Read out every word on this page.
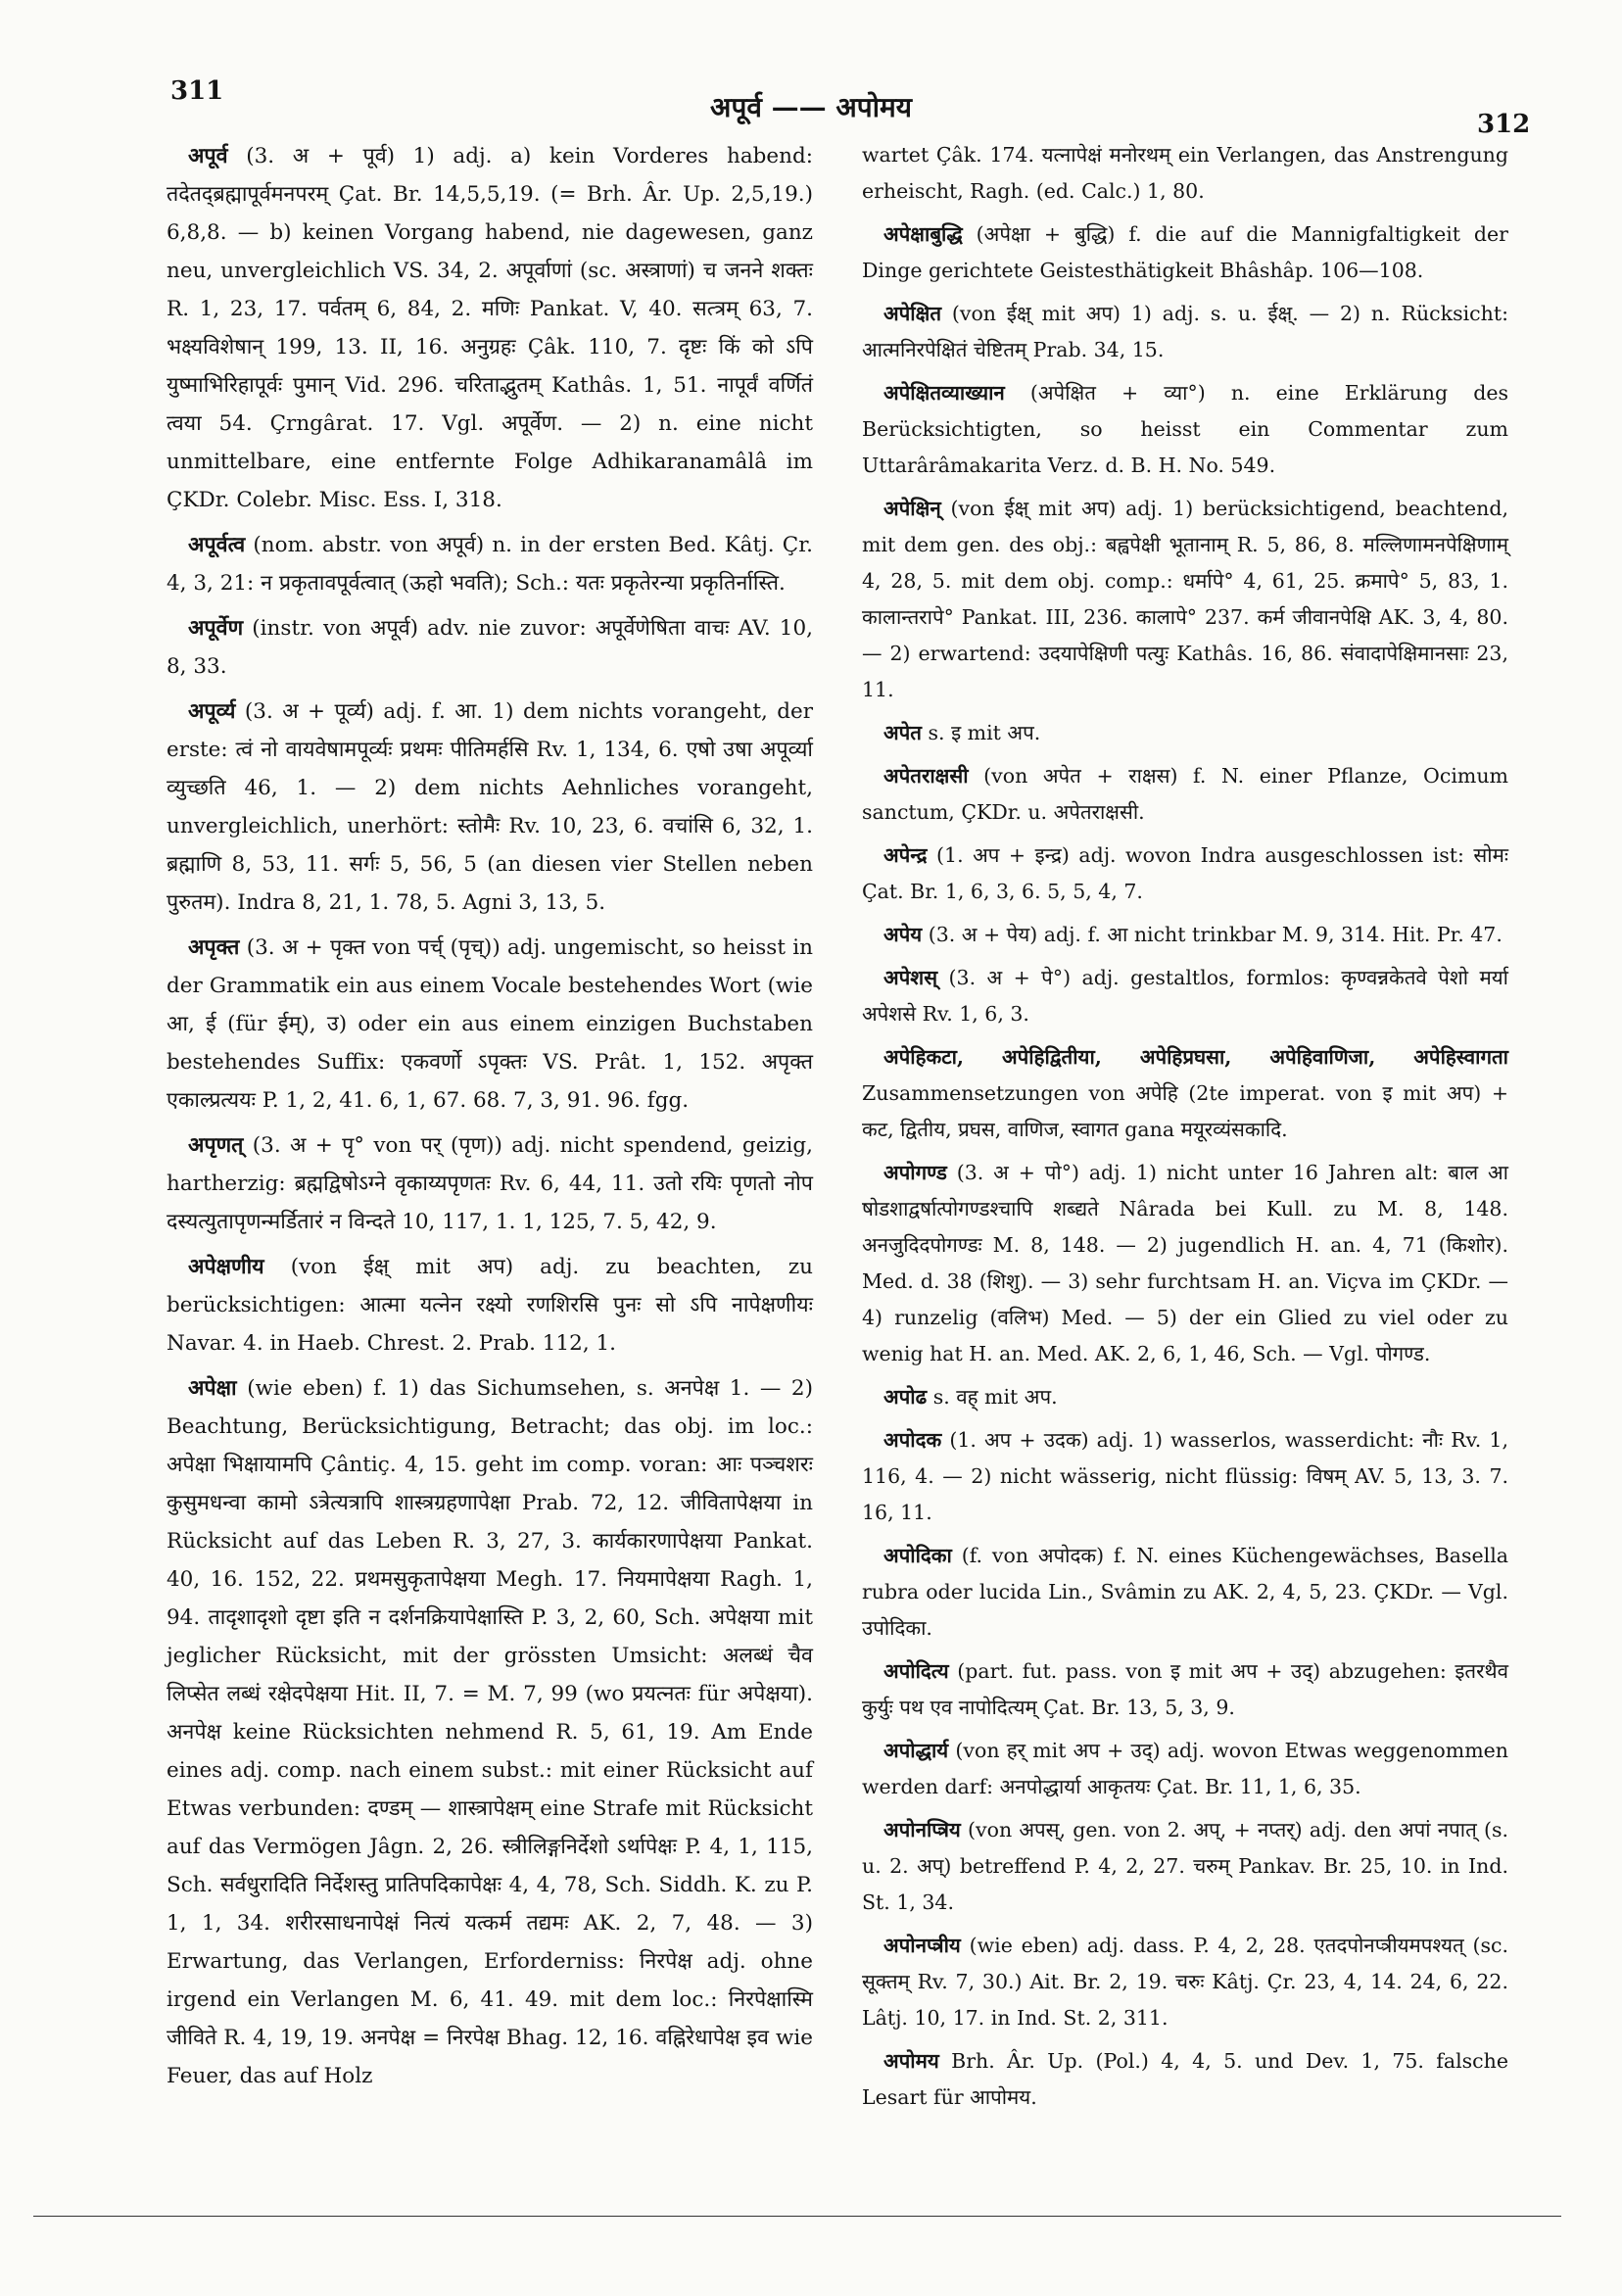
311	अपूर्व —— अपोमय
312

अपूर्व (3. अ + पूर्व) 1) adj. a) kein Vorderes habend: तदेतद्ब्रह्मापूर्वमनपरम् Çat. Br. 14,5,5,19. (= Brh. Âr. Up. 2,5,19.) 6,8,8. — b) keinen Vorgang habend, nie dagewesen, ganz neu, unvergleichlich VS. 34, 2. अपूर्वाणां (sc. अस्त्राणां) च जनने शक्तः R. 1, 23, 17. पर्वतम् 6, 84, 2. मणिः Pankat. V, 40. सत्त्रम् 63, 7. भक्ष्यविशेषान् 199, 13. II, 16. अनुग्रहः Çâk. 110, 7. दृष्टः किं को ऽपि युष्माभिरिहापूर्वः पुमान् Vid. 296. चरिताद्भुतम् Kathâs. 1, 51. नापूर्वं वर्णितं त्वया 54. Çrngârat. 17. Vgl. अपूर्वेण. — 2) n. eine nicht unmittelbare, eine entfernte Folge Adhikaranamâlâ im ÇKDr. Colebr. Misc. Ess. I, 318.

अपूर्वत्व (nom. abstr. von अपूर्व) n. in der ersten Bed. Kâtj. Çr. 4, 3, 21: न प्रकृतावपूर्वत्वात् (ऊहो भवति); Sch.: यतः प्रकृतेरन्या प्रकृतिर्नास्ति.

अपूर्वेण (instr. von अपूर्व) adv. nie zuvor: अपूर्वेणेषिता वाचः AV. 10, 8, 33.

अपूर्व्य (3. अ + पूर्व्य) adj. f. आ. 1) dem nichts vorangeht, der erste: त्वं नो वायवेषामपूर्व्यः प्रथमः पीतिमर्हसि Rv. 1, 134, 6. एषो उषा अपूर्व्या व्युच्छति 46, 1. — 2) dem nichts Aehnliches vorangeht, unvergleichlich, unerhört: स्तोमैः Rv. 10, 23, 6. वचांसि 6, 32, 1. ब्रह्माणि 8, 53, 11. सर्गः 5, 56, 5 (an diesen vier Stellen neben पुरुतम). Indra 8, 21, 1. 78, 5. Agni 3, 13, 5.

अपृक्त (3. अ + पृक्त von पर्च् (पृच्)) adj. ungemischt, so heisst in der Grammatik ein aus einem Vocale bestehendes Wort (wie आ, ई (für ईम्), उ) oder ein aus einem einzigen Buchstaben bestehendes Suffix: एकवर्णो ऽपृक्तः VS. Prât. 1, 152. अपृक्त एकाल्प्रत्ययः P. 1, 2, 41. 6, 1, 67. 68. 7, 3, 91. 96. fgg.

अपृणत् (3. अ + पृ° von पर् (पृण)) adj. nicht spendend, geizig, hartherzig: ब्रह्मद्विषोऽग्ने वृकाय्यपृणतः Rv. 6, 44, 11. उतो रयिः पृणतो नोप दस्यत्युतापृणन्मर्डितारं न विन्दते 10, 117, 1. 1, 125, 7. 5, 42, 9.

अपेक्षणीय (von ईक्ष् mit अप) adj. zu beachten, zu berücksichtigen: आत्मा यत्नेन रक्ष्यो रणशिरसि पुनः सो ऽपि नापेक्षणीयः Navar. 4. in Haeb. Chrest. 2. Prab. 112, 1.

अपेक्षा (wie eben) f. 1) das Sichumsehen, s. अनपेक्ष 1. — 2) Beachtung, Berücksichtigung, Betracht; das obj. im loc.: अपेक्षा भिक्षायामपि Çântiç. 4, 15. geht im comp. voran: आः पञ्चशरः कुसुमधन्वा कामो ऽत्रेत्यत्रापि शास्त्रग्रहणापेक्षा Prab. 72, 12. जीवितापेक्षया in Rücksicht auf das Leben R. 3, 27, 3. कार्यकारणापेक्षया Pankat. 40, 16. 152, 22. प्रथमसुकृतापेक्षया Megh. 17. नियमापेक्षया Ragh. 1, 94. तादृशादृशो दृष्टा इति न दर्शनक्रियापेक्षास्ति P. 3, 2, 60, Sch. अपेक्षया mit jeglicher Rücksicht, mit der grössten Umsicht: अलब्धं चैव लिप्सेत लब्धं रक्षेदपेक्षया Hit. II, 7. = M. 7, 99 (wo प्रयत्नतः für अपेक्षया). अनपेक्ष keine Rücksichten nehmend R. 5, 61, 19. Am Ende eines adj. comp. nach einem subst.: mit einer Rücksicht auf Etwas verbunden: दण्डम् — शास्त्रापेक्षम् eine Strafe mit Rücksicht auf das Vermögen Jâgn. 2, 26. स्त्रीलिङ्गनिर्देशो ऽर्थापेक्षः P. 4, 1, 115, Sch. सर्वधुरादिति निर्देशस्तु प्रातिपदिकापेक्षः 4, 4, 78, Sch. Siddh. K. zu P. 1, 1, 34. शरीरसाधनापेक्षं नित्यं यत्कर्म तद्यमः AK. 2, 7, 48. — 3) Erwartung, das Verlangen, Erforderniss: निरपेक्ष adj. ohne irgend ein Verlangen M. 6, 41. 49. mit dem loc.: निरपेक्षास्मि जीविते R. 4, 19, 19. अनपेक्ष = निरपेक्ष Bhag. 12, 16. वह्निरेधापेक्ष इव wie Feuer, das auf Holz

wartet Çâk. 174. यत्नापेक्षं मनोरथम् ein Verlangen, das Anstrengung erheischt, Ragh. (ed. Calc.) 1, 80.

अपेक्षाबुद्धि (अपेक्षा + बुद्धि) f. die auf die Mannigfaltigkeit der Dinge gerichtete Geistesthätigkeit Bhâshâp. 106—108.

अपेक्षित (von ईक्ष् mit अप) 1) adj. s. u. ईक्ष्. — 2) n. Rücksicht: आत्मनिरपेक्षितं चेष्टितम् Prab. 34, 15.

अपेक्षितव्याख्यान (अपेक्षित + व्या°) n. eine Erklärung des Berücksichtigten, so heisst ein Commentar zum Uttarârâmakarita Verz. d. B. H. No. 549.

अपेक्षिन् (von ईक्ष् mit अप) adj. 1) berücksichtigend, beachtend, mit dem gen. des obj.: बह्वपेक्षी भूतानाम् R. 5, 86, 8. मल्लिणामनपेक्षिणाम् 4, 28, 5. mit dem obj. comp.: धर्मापे° 4, 61, 25. क्रमापे° 5, 83, 1. कालान्तरापे° Pankat. III, 236. कालापे° 237. कर्म जीवानपेक्षि AK. 3, 4, 80. — 2) erwartend: उदयापेक्षिणी पत्युः Kathâs. 16, 86. संवादापेक्षिमानसाः 23, 11.

अपेत s. इ mit अप.

अपेतराक्षसी (von अपेत + राक्षस) f. N. einer Pflanze, Ocimum sanctum, ÇKDr. u. अपेतराक्षसी.

अपेन्द्र (1. अप + इन्द्र) adj. wovon Indra ausgeschlossen ist: सोमः Çat. Br. 1, 6, 3, 6. 5, 5, 4, 7.

अपेय (3. अ + पेय) adj. f. आ nicht trinkbar M. 9, 314. Hit. Pr. 47.

अपेशस् (3. अ + पे°) adj. gestaltlos, formlos: कृण्वन्नकेतवे पेशो मर्या अपेशसे Rv. 1, 6, 3.

अपेहिकटा, अपेहिद्वितीया, अपेहिप्रघसा, अपेहिवाणिजा, अपेहिस्वागता Zusammensetzungen von अपेहि (2te imperat. von इ mit अप) + कट, द्वितीय, प्रघस, वाणिज, स्वागत gana मयूरव्यंसकादि.

अपोगण्ड (3. अ + पो°) adj. 1) nicht unter 16 Jahren alt: बाल आ षोडशाद्वर्षात्पोगण्डश्चापि शब्द्यते Nârada bei Kull. zu M. 8, 148. अनजुदिदपोगण्डः M. 8, 148. — 2) jugendlich H. an. 4, 71 (किशोर). Med. d. 38 (शिशु). — 3) sehr furchtsam H. an. Viçva im ÇKDr. — 4) runzelig (वलिभ) Med. — 5) der ein Glied zu viel oder zu wenig hat H. an. Med. AK. 2, 6, 1, 46, Sch. — Vgl. पोगण्ड.

अपोढ s. वह् mit अप.

अपोदक (1. अप + उदक) adj. 1) wasserlos, wasserdicht: नौः Rv. 1, 116, 4. — 2) nicht wässerig, nicht flüssig: विषम् AV. 5, 13, 3. 7. 16, 11.

अपोदिका (f. von अपोदक) f. N. eines Küchengewächses, Basella rubra oder lucida Lin., Svâmin zu AK. 2, 4, 5, 23. ÇKDr. — Vgl. उपोदिका.

अपोदित्य (part. fut. pass. von इ mit अप + उद्) abzugehen: इतरथैव कुर्युः पथ एव नापोदित्यम् Çat. Br. 13, 5, 3, 9.

अपोद्धार्य (von हर् mit अप + उद्) adj. wovon Etwas weggenommen werden darf: अनपोद्धार्या आकृतयः Çat. Br. 11, 1, 6, 35.

अपोनप्त्रिय (von अपस्, gen. von 2. अप्, + नप्तर्) adj. den अपां नपात् (s. u. 2. अप्) betreffend P. 4, 2, 27. चरुम् Pankav. Br. 25, 10. in Ind. St. 1, 34.

अपोनप्त्रीय (wie eben) adj. dass. P. 4, 2, 28. एतदपोनप्त्रीयमपश्यत् (sc. सूक्तम् Rv. 7, 30.) Ait. Br. 2, 19. चरुः Kâtj. Çr. 23, 4, 14. 24, 6, 22. Lâtj. 10, 17. in Ind. St. 2, 311.

अपोमय Brh. Âr. Up. (Pol.) 4, 4, 5. und Dev. 1, 75. falsche Lesart für आपोमय.
